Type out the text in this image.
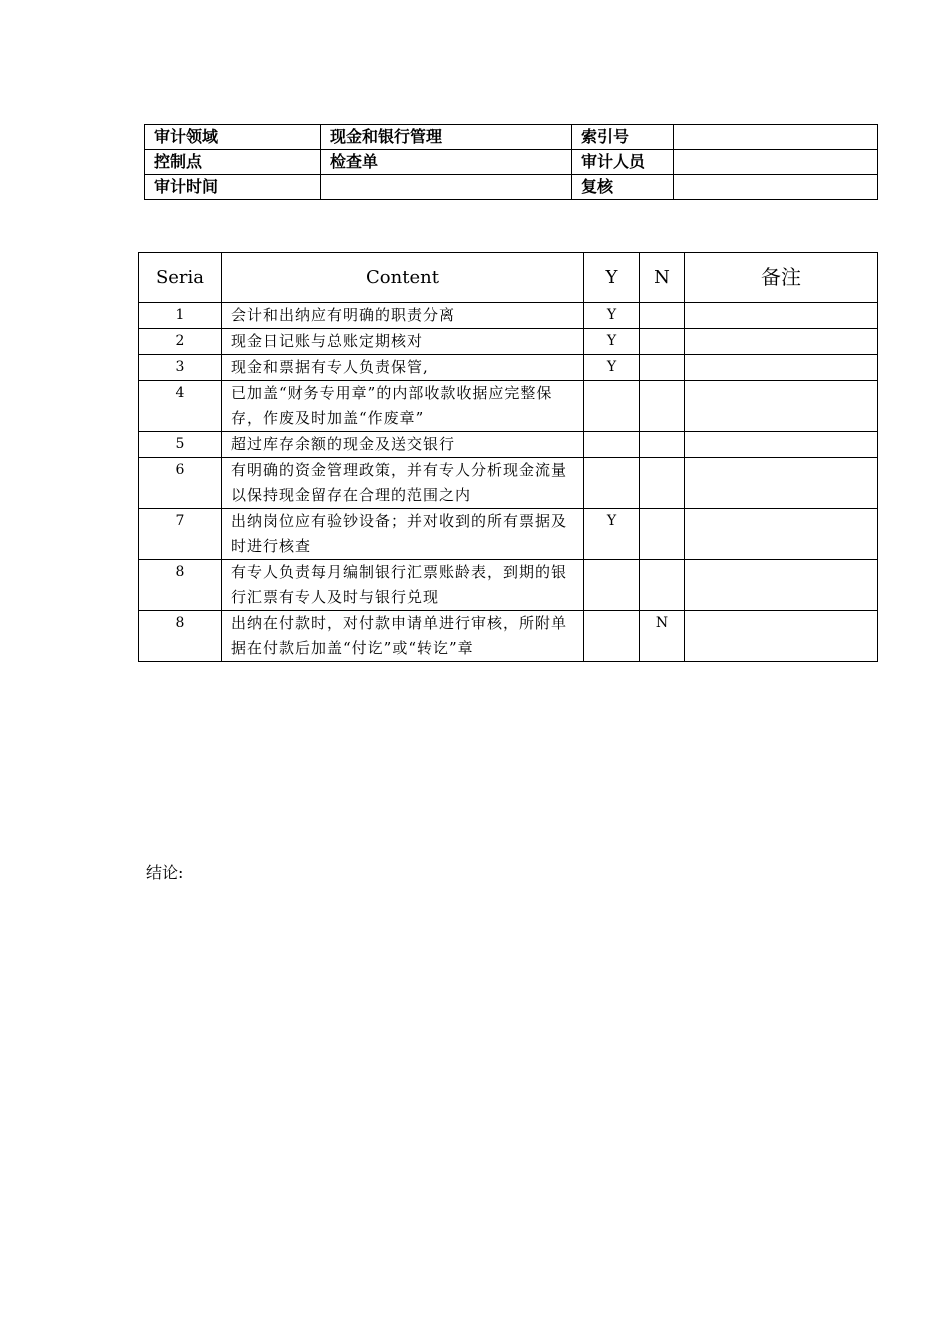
审计领域	现金和银行管理	索引号	
控制点	检查单	审计人员	
审计时间		复核	
Seria	Content	Y	N	备注
1	会计和出纳应有明确的职责分离	Y		
2	现金日记账与总账定期核对	Y		
3	现金和票据有专人负责保管,	Y		
4	已加盖“财务专用章”的内部收款收据应完整保存，作废及时加盖“作废章”			
5	超过库存余额的现金及送交银行			
6	有明确的资金管理政策，并有专人分析现金流量以保持现金留存在合理的范围之内			
7	出纳岗位应有验钞设备；并对收到的所有票据及时进行核查	Y		
8	有专人负责每月编制银行汇票账龄表，到期的银行汇票有专人及时与银行兑现			
8	出纳在付款时，对付款申请单进行审核，所附单据在付款后加盖“付讫”或“转讫”章		N	
结论:
